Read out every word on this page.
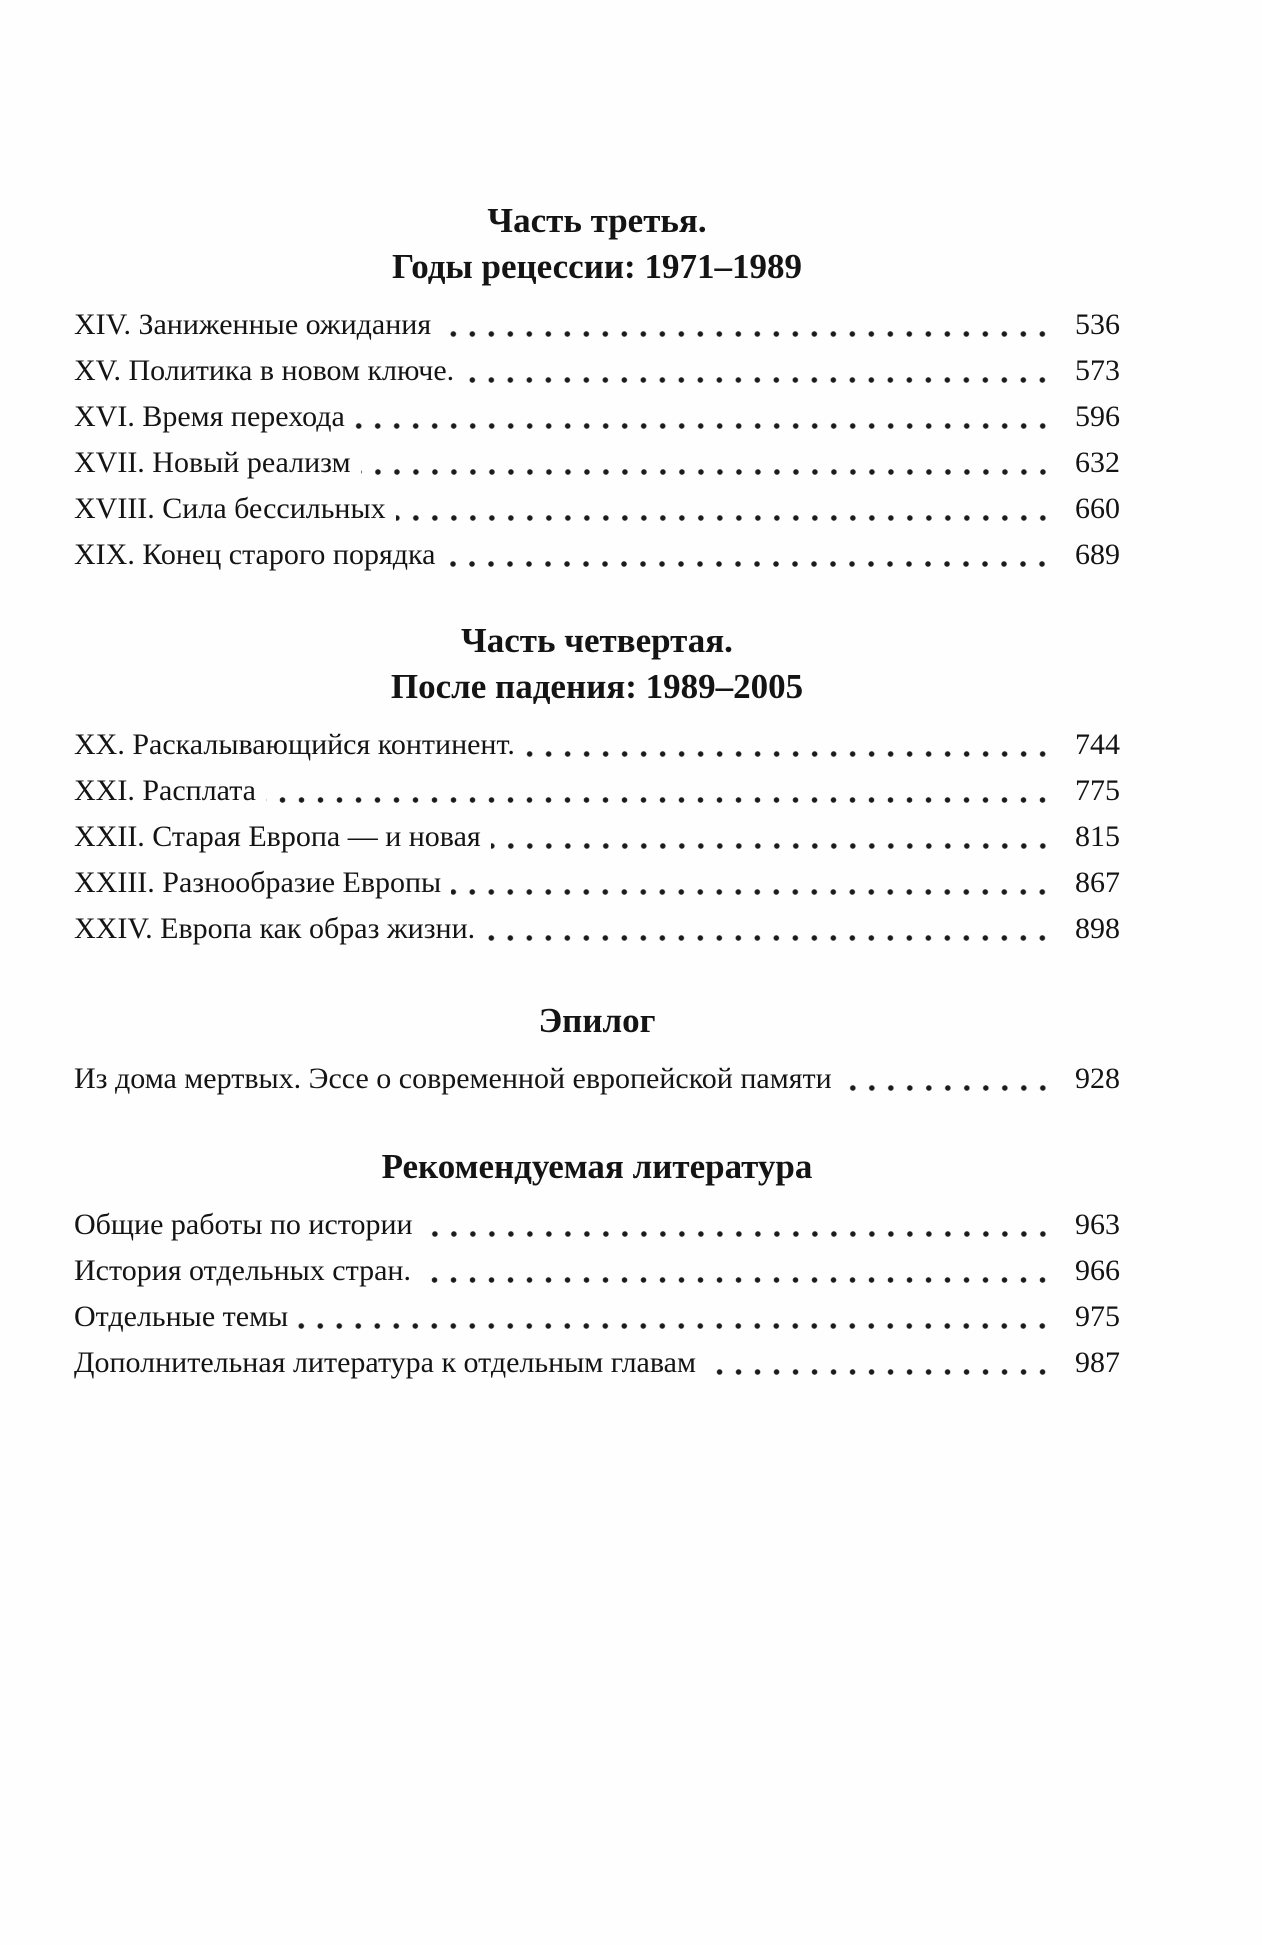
Часть третья.
Годы рецессии: 1971–1989
XIV. Заниженные ожидания	536
XV. Политика в новом ключе.	573
XVI. Время перехода	596
XVII. Новый реализм	632
XVIII. Сила бессильных	660
XIX. Конец старого порядка	689
Часть четвертая.
После падения: 1989–2005
XX. Раскалывающийся континент.	744
XXI. Расплата	775
XXII. Старая Европа — и новая	815
XXIII. Разнообразие Европы	867
XXIV. Европа как образ жизни.	898
Эпилог
Из дома мертвых. Эссе о современной европейской памяти	928
Рекомендуемая литература
Общие работы по истории	963
История отдельных стран.	966
Отдельные темы	975
Дополнительная литература к отдельным главам	987
